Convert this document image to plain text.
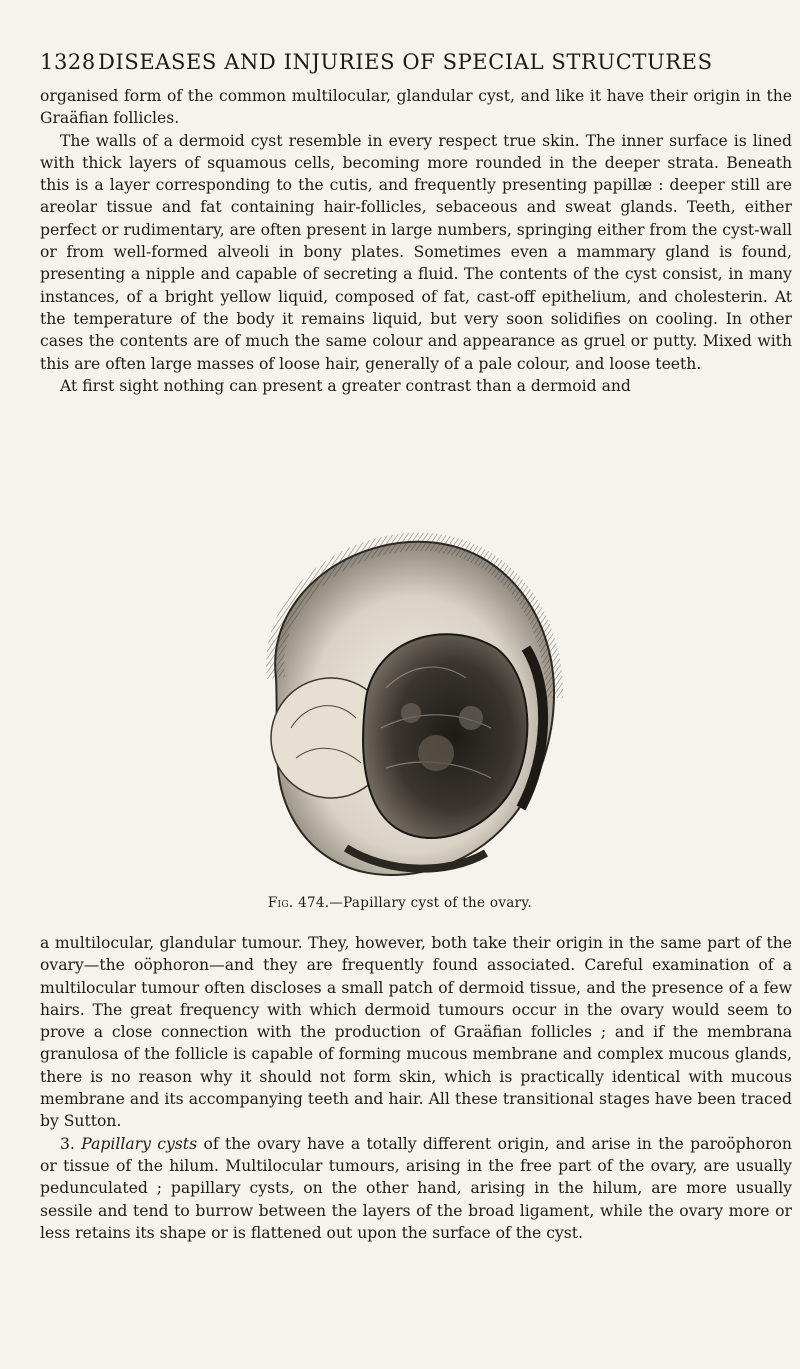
1328 DISEASES AND INJURIES OF SPECIAL STRUCTURES

organised form of the common multilocular, glandular cyst, and like it have their origin in the Graäfian follicles.

The walls of a dermoid cyst resemble in every respect true skin. The inner surface is lined with thick layers of squamous cells, becoming more rounded in the deeper strata. Beneath this is a layer corresponding to the cutis, and frequently presenting papillæ : deeper still are areolar tissue and fat containing hair-follicles, sebaceous and sweat glands. Teeth, either perfect or rudimentary, are often present in large numbers, springing either from the cyst-wall or from well-formed alveoli in bony plates. Sometimes even a mammary gland is found, presenting a nipple and capable of secreting a fluid. The contents of the cyst consist, in many instances, of a bright yellow liquid, composed of fat, cast-off epithelium, and cholesterin. At the temperature of the body it remains liquid, but very soon solidifies on cooling. In other cases the contents are of much the same colour and appearance as gruel or putty. Mixed with this are often large masses of loose hair, generally of a pale colour, and loose teeth.

At first sight nothing can present a greater contrast than a dermoid and

Fig. 474.—Papillary cyst of the ovary.

a multilocular, glandular tumour. They, however, both take their origin in the same part of the ovary—the oöphoron—and they are frequently found associated. Careful examination of a multilocular tumour often discloses a small patch of dermoid tissue, and the presence of a few hairs. The great frequency with which dermoid tumours occur in the ovary would seem to prove a close connection with the production of Graäfian follicles ; and if the membrana granulosa of the follicle is capable of forming mucous membrane and complex mucous glands, there is no reason why it should not form skin, which is practically identical with mucous membrane and its accompanying teeth and hair. All these transitional stages have been traced by Sutton.

3. Papillary cysts of the ovary have a totally different origin, and arise in the paroöphoron or tissue of the hilum. Multilocular tumours, arising in the free part of the ovary, are usually pedunculated ; papillary cysts, on the other hand, arising in the hilum, are more usually sessile and tend to burrow between the layers of the broad ligament, while the ovary more or less retains its shape or is flattened out upon the surface of the cyst.
